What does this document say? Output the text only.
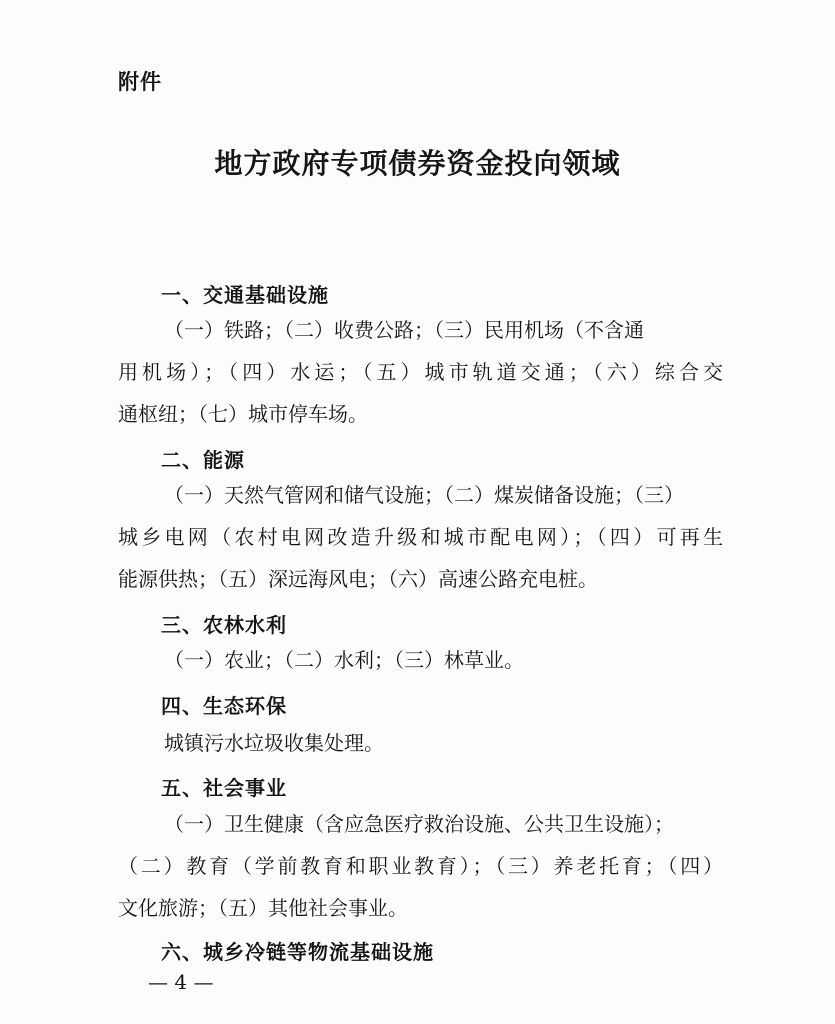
附件
地方政府专项债券资金投向领域
一、交通基础设施
（一）铁路；（二）收费公路；（三）民用机场（不含通
用机场）；（四）水运；（五）城市轨道交通；（六）综合交
通枢纽；（七）城市停车场。
二、能源
（一）天然气管网和储气设施；（二）煤炭储备设施；（三）
城乡电网（农村电网改造升级和城市配电网）；（四）可再生
能源供热；（五）深远海风电；（六）高速公路充电桩。
三、农林水利
（一）农业；（二）水利；（三）林草业。
四、生态环保
城镇污水垃圾收集处理。
五、社会事业
（一）卫生健康（含应急医疗救治设施、公共卫生设施）；
（二）教育（学前教育和职业教育）；（三）养老托育；（四）
文化旅游；（五）其他社会事业。
六、城乡冷链等物流基础设施
— 4 —
